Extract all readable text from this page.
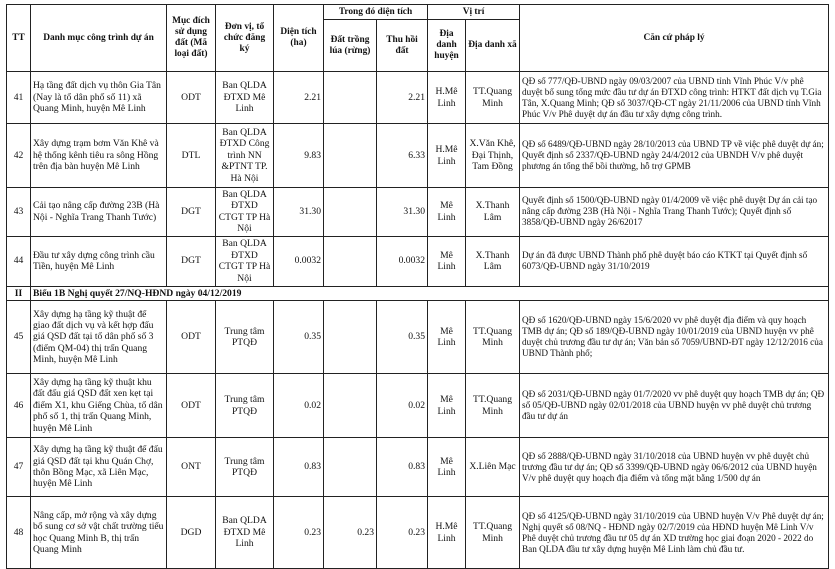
TT	Danh mục công trình dự án	Mục đích sử dụng đất (Mã loại đất)	Đơn vị, tổ chức đăng ký	Diện tích (ha)	Trong đó diện tích		Vị trí		Căn cứ pháp lý
					Đất trồng lúa (rừng)	Thu hồi đất	Địa danh huyện	Địa danh xã	
41	Hạ tầng đất dịch vụ thôn Gia Tân (Nay là tổ dân phố số 11) xã Quang Minh, huyện Mê Linh	ODT	Ban QLDA ĐTXD Mê Linh	2.21		2.21	H.Mê Linh	TT.Quang Minh	QĐ số 777/QĐ-UBND ngày 09/03/2007 của UBND tỉnh Vĩnh Phúc V/v phê duyệt bổ sung tổng mức đầu tư dự án ĐTXD công trình: HTKT đất dịch vụ T.Gia Tân, X.Quang Minh; QĐ số 3037/QĐ-CT ngày 21/11/2006 của UBND tỉnh Vĩnh Phúc V/v Phê duyệt dự án đầu tư xây dựng công trình.
42	Xây dựng trạm bơm Văn Khê và hệ thống kênh tiêu ra sông Hồng trên địa bàn huyện Mê Linh	DTL	Ban QLDA ĐTXD Công trình NN &PTNT TP. Hà Nội	9.83		6.33	H.Mê Linh	X.Văn Khê, Đại Thịnh, Tam Đồng	QĐ số 6489/QĐ-UBND ngày 28/10/2013 của UBND TP về việc phê duyệt dự án; Quyết định số 2337/QĐ-UBND ngày 24/4/2012 của UBNDH V/v phê duyệt phương án tổng thể bồi thường, hỗ trợ GPMB
43	Cải tạo nâng cấp đường 23B (Hà Nội - Nghĩa Trang Thanh Tước)	DGT	Ban QLDA ĐTXD CTGT TP Hà Nội	31.30		31.30	Mê Linh	X.Thanh Lâm	Quyết định số 1500/QĐ-UBND ngày 01/4/2009 về việc phê duyệt Dự án cải tạo nâng cấp đường 23B (Hà Nội - Nghĩa Trang Thanh Tước); Quyết định số 3858/QĐ-UBND ngày 26/62017
44	Đầu tư xây dựng công trình cầu Tiền, huyện Mê Linh	DGT	Ban QLDA ĐTXD CTGT TP Hà Nội	0.0032		0.0032	Mê Linh	X.Thanh Lâm	Dự án đã được UBND Thành phố phê duyệt báo cáo KTKT tại Quyết định số 6073/QĐ-UBND ngày 31/10/2019
II	Biểu 1B Nghị quyết 27/NQ-HĐND ngày 04/12/2019								
45	Xây dựng hạ tầng kỹ thuật để giao đất dịch vụ và kết hợp đấu giá QSD đất tại tổ dân phố số 3 (điểm QM-04) thị trấn Quang Minh, huyện Mê Linh	ODT	Trung tâm PTQĐ	0.35		0.35	Mê Linh	TT.Quang Minh	QĐ số 1620/QĐ-UBND ngày 15/6/2020 vv phê duyệt địa điểm và quy hoạch TMB dự án; QĐ số 189/QĐ-UBND ngày 10/01/2019 của UBND huyện vv phê duyệt chủ trương đầu tư dự án; Văn bản số 7059/UBND-ĐT ngày 12/12/2016 của UBND Thành phố;
46	Xây dựng hạ tầng kỹ thuật khu đất đấu giá QSD đất xen kẹt tại điểm X1, khu Giếng Chùa, tổ dân phố số 1, thị trấn Quang Minh, huyện Mê Linh	ODT	Trung tâm PTQĐ	0.02		0.02	Mê Linh	TT.Quang Minh	QĐ số 2031/QĐ-UBND ngày 01/7/2020 vv phê duyệt quy hoạch TMB dự án; QĐ số 05/QĐ-UBND ngày 02/01/2018 của UBND huyện vv phê duyệt chủ trương đầu tư dự án
47	Xây dựng hạ tầng kỹ thuật để đấu giá QSD đất tại khu Quán Chợ, thôn Bồng Mạc, xã Liên Mạc, huyện Mê Linh	ONT	Trung tâm PTQĐ	0.83		0.83	Mê Linh	X.Liên Mạc	QĐ số 2888/QĐ-UBND ngày 31/10/2018 của UBND huyện vv phê duyệt chủ trương đầu tư dự án; QĐ số 3399/QĐ-UBND ngày 06/6/2012 của UBND huyện V/v phê duyệt quy hoạch địa điểm và tổng mặt bằng 1/500 dự án
48	Nâng cấp, mở rộng và xây dựng bổ sung cơ sở vật chất trường tiểu học Quang Minh B, thị trấn Quang Minh	DGD	Ban QLDA ĐTXD Mê Linh	0.23	0.23	0.23	H.Mê Linh	TT.Quang Minh	QĐ số 4125/QĐ-UBND ngày 31/10/2019 của UBND huyện V/v Phê duyệt dự án; Nghị quyết số 08/NQ - HĐND ngày 02/7/2019 của HĐND huyện Mê Linh V/v Phê duyệt chủ trương đầu tư 05 dự án XD trường học giai đoạn 2020 - 2022 do Ban QLDA đầu tư xây dựng huyện Mê Linh làm chủ đầu tư.
